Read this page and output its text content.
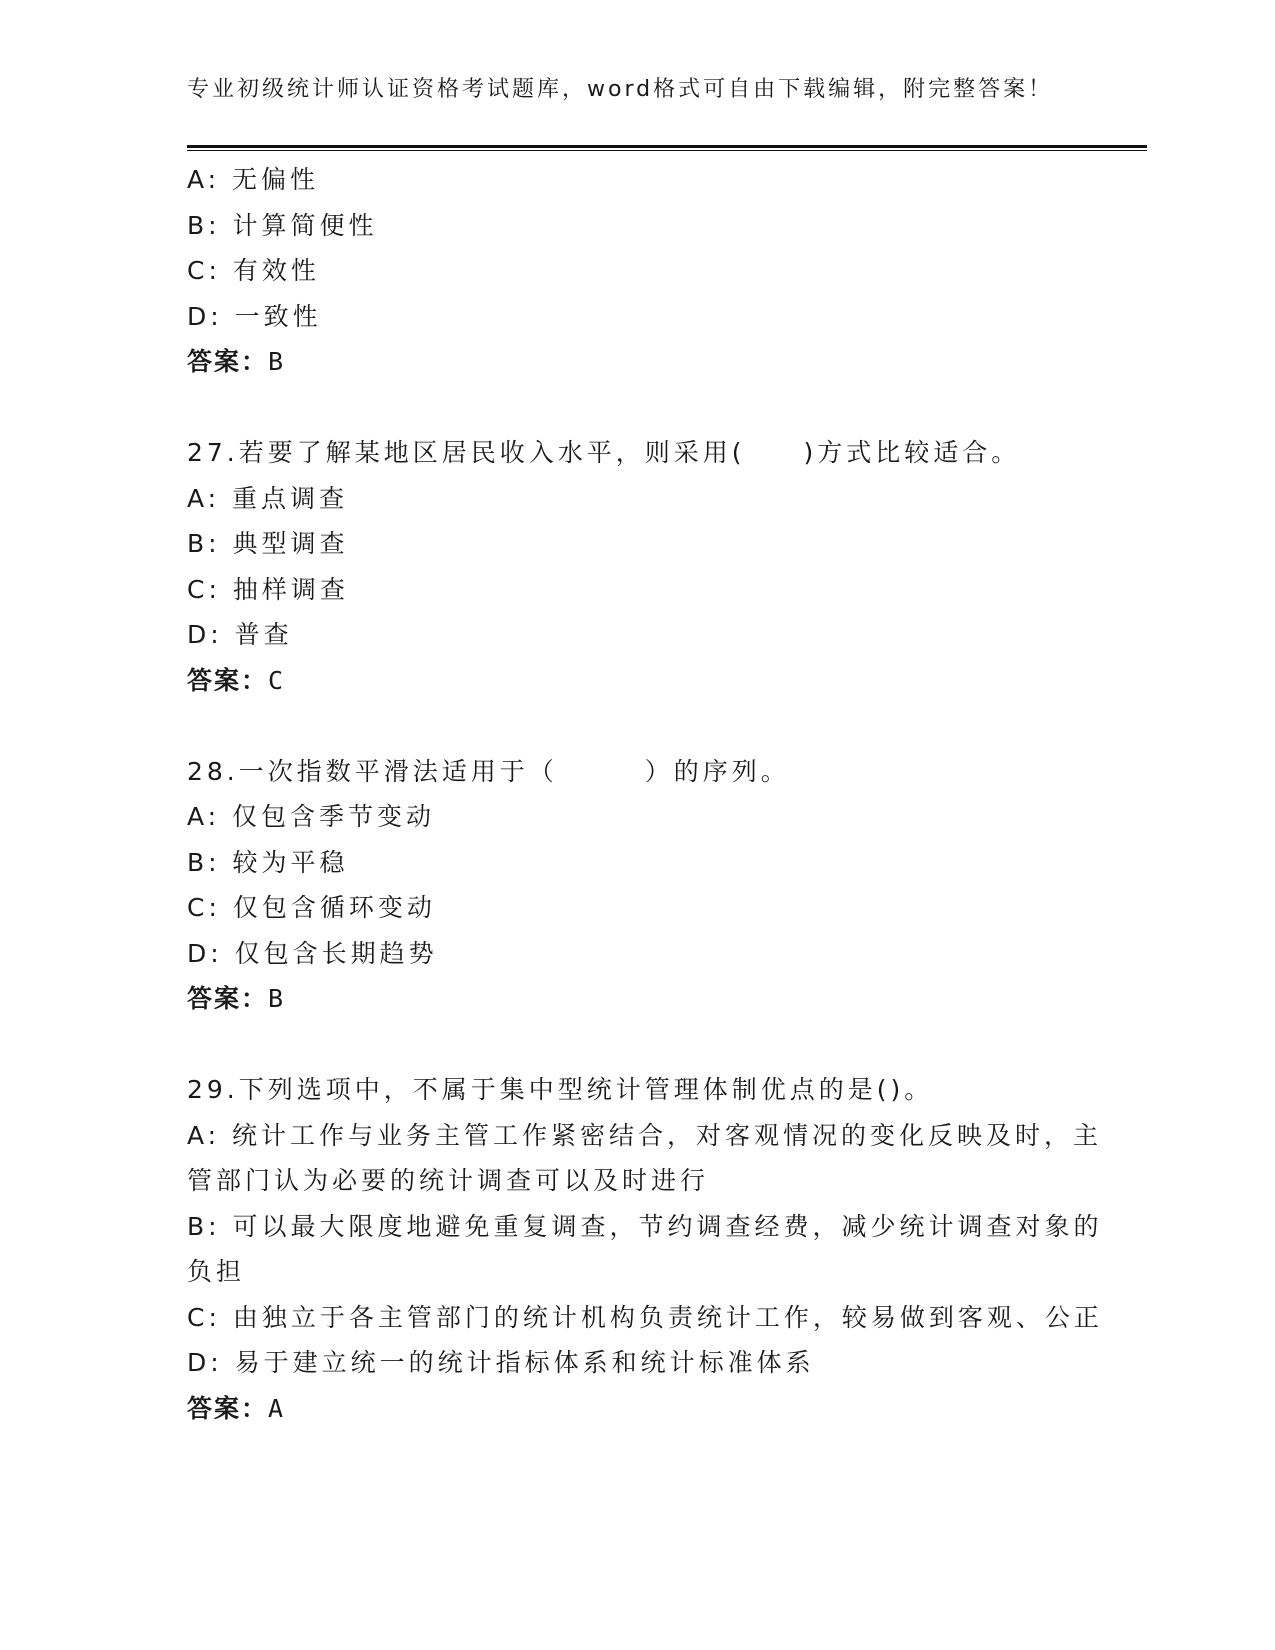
专业初级统计师认证资格考试题库，word格式可自由下载编辑，附完整答案！
A: 无偏性
B: 计算简便性
C: 有效性
D: 一致性
答案：B
27.若要了解某地区居民收入水平，则采用(　　)方式比较适合。
A: 重点调查
B: 典型调查
C: 抽样调查
D: 普查
答案：C
28.一次指数平滑法适用于（　　　）的序列。
A: 仅包含季节变动
B: 较为平稳
C: 仅包含循环变动
D: 仅包含长期趋势
答案：B
29.下列选项中，不属于集中型统计管理体制优点的是()。
A: 统计工作与业务主管工作紧密结合，对客观情况的变化反映及时，主管部门认为必要的统计调查可以及时进行
B: 可以最大限度地避免重复调查，节约调查经费，减少统计调查对象的负担
C: 由独立于各主管部门的统计机构负责统计工作，较易做到客观、公正
D: 易于建立统一的统计指标体系和统计标准体系
答案：A
